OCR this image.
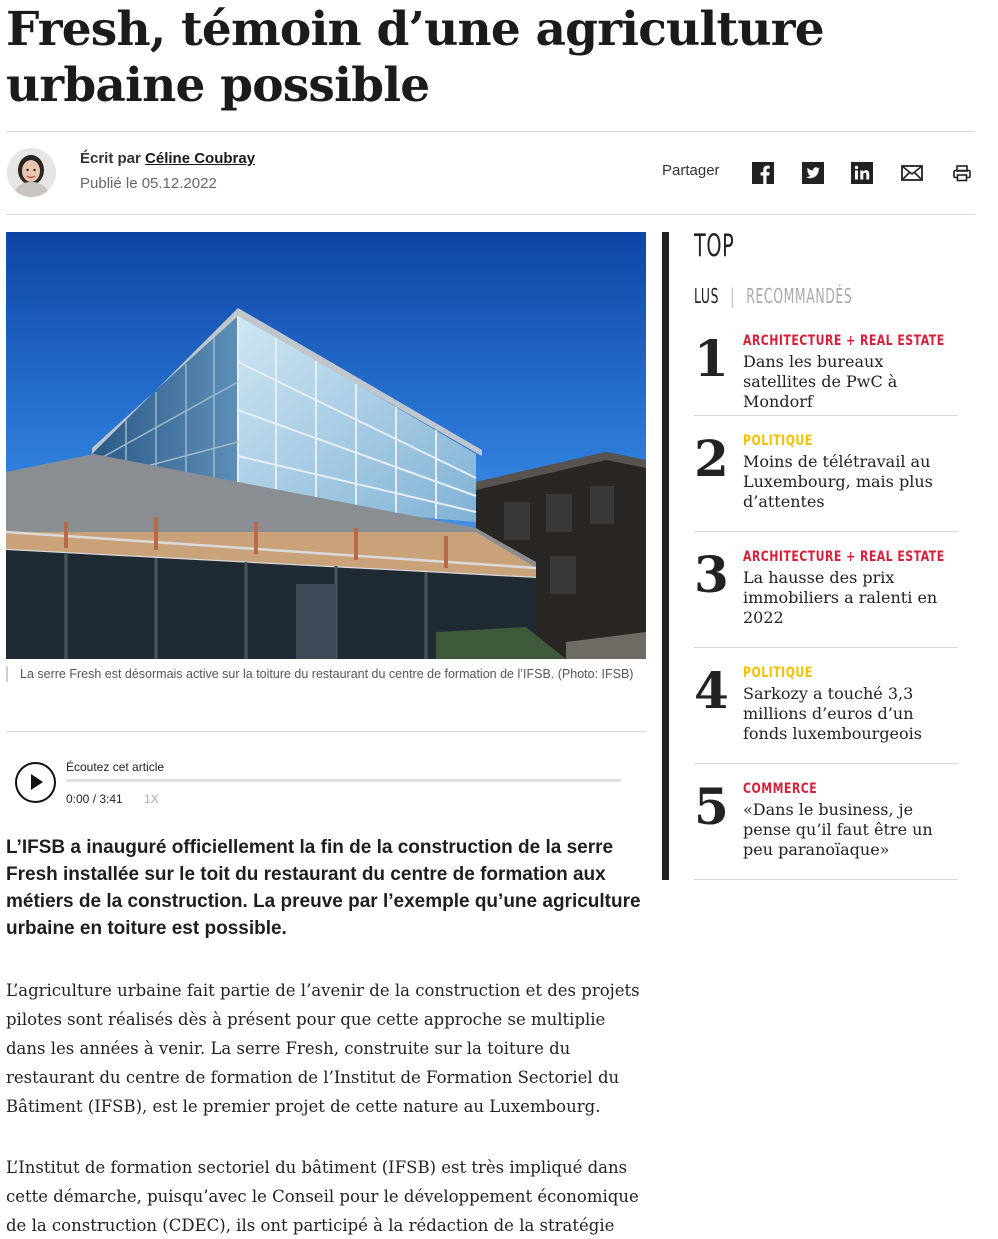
Fresh, témoin d’une agriculture urbaine possible
Écrit par Céline Coubray
Publié le 05.12.2022
Partager
La serre Fresh est désormais active sur la toiture du restaurant du centre de formation de l’IFSB. (Photo: IFSB)
Écoutez cet article
0:00 / 3:41 1X

L’IFSB a inauguré officiellement la fin de la construction de la serre Fresh installée sur le toit du restaurant du centre de formation aux métiers de la construction. La preuve par l’exemple qu’une agriculture urbaine en toiture est possible.

L’agriculture urbaine fait partie de l’avenir de la construction et des projets pilotes sont réalisés dès à présent pour que cette approche se multiplie dans les années à venir. La serre Fresh, construite sur la toiture du restaurant du centre de formation de l’Institut de Formation Sectoriel du Bâtiment (IFSB), est le premier projet de cette nature au Luxembourg.

L’Institut de formation sectoriel du bâtiment (IFSB) est très impliqué dans cette démarche, puisqu’avec le Conseil pour le développement économique de la construction (CDEC), ils ont participé à la rédaction de la stratégie

TOP
LUS | RECOMMANDÉS
1 ARCHITECTURE + REAL ESTATE
Dans les bureaux satellites de PwC à Mondorf
2 POLITIQUE
Moins de télétravail au Luxembourg, mais plus d’attentes
3 ARCHITECTURE + REAL ESTATE
La hausse des prix immobiliers a ralenti en 2022
4 POLITIQUE
Sarkozy a touché 3,3 millions d’euros d’un fonds luxembourgeois
5 COMMERCE
«Dans le business, je pense qu’il faut être un peu paranoïaque»
